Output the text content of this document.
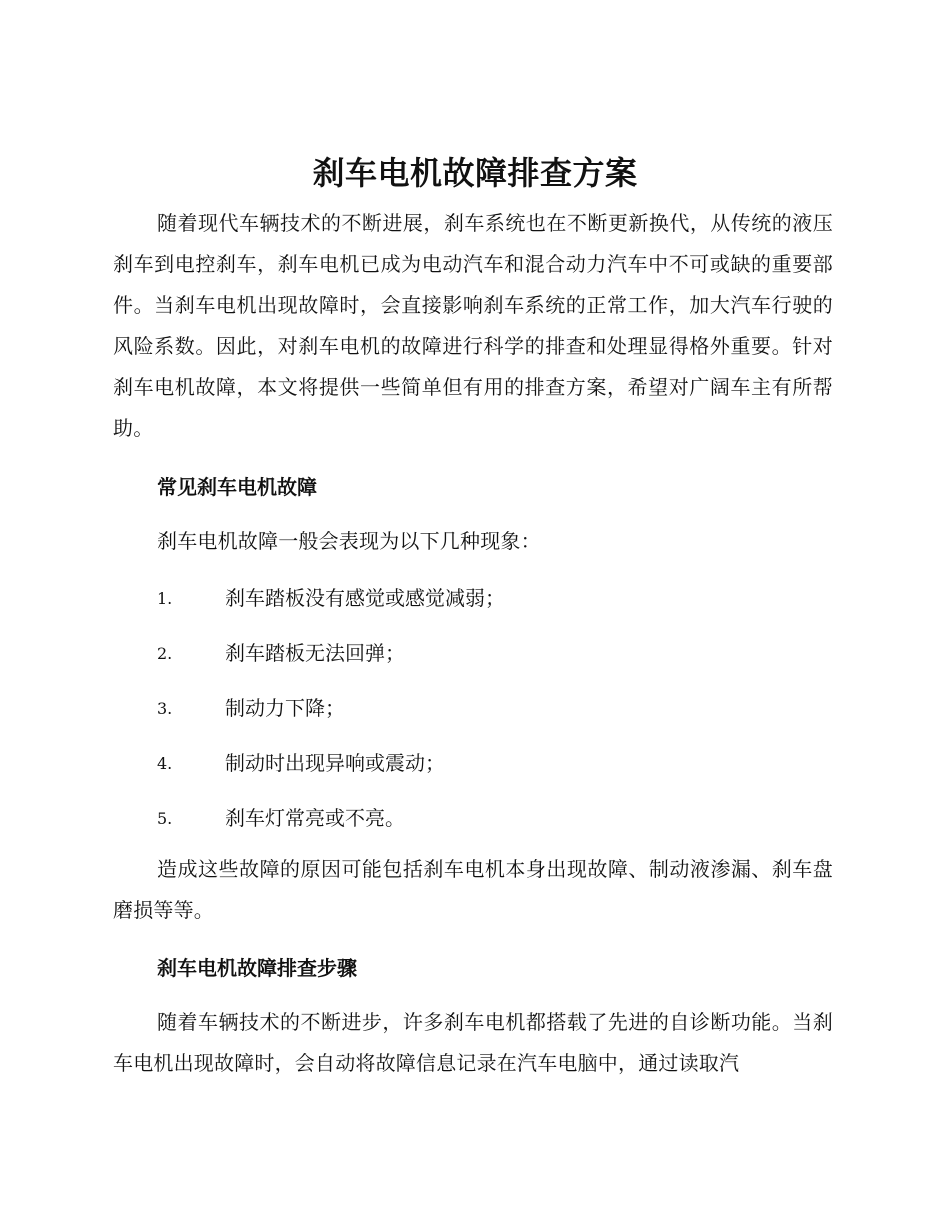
刹车电机故障排查方案

随着现代车辆技术的不断进展，刹车系统也在不断更新换代，从传统的液压刹车到电控刹车，刹车电机已成为电动汽车和混合动力汽车中不可或缺的重要部件。当刹车电机出现故障时，会直接影响刹车系统的正常工作，加大汽车行驶的风险系数。因此，对刹车电机的故障进行科学的排查和处理显得格外重要。针对刹车电机故障，本文将提供一些简单但有用的排查方案，希望对广阔车主有所帮助。

常见刹车电机故障

刹车电机故障一般会表现为以下几种现象：

1.	刹车踏板没有感觉或感觉减弱；
2.	刹车踏板无法回弹；
3.	制动力下降；
4.	制动时出现异响或震动；
5.	刹车灯常亮或不亮。

造成这些故障的原因可能包括刹车电机本身出现故障、制动液渗漏、刹车盘磨损等等。

刹车电机故障排查步骤

随着车辆技术的不断进步，许多刹车电机都搭载了先进的自诊断功能。当刹车电机出现故障时，会自动将故障信息记录在汽车电脑中，通过读取汽
